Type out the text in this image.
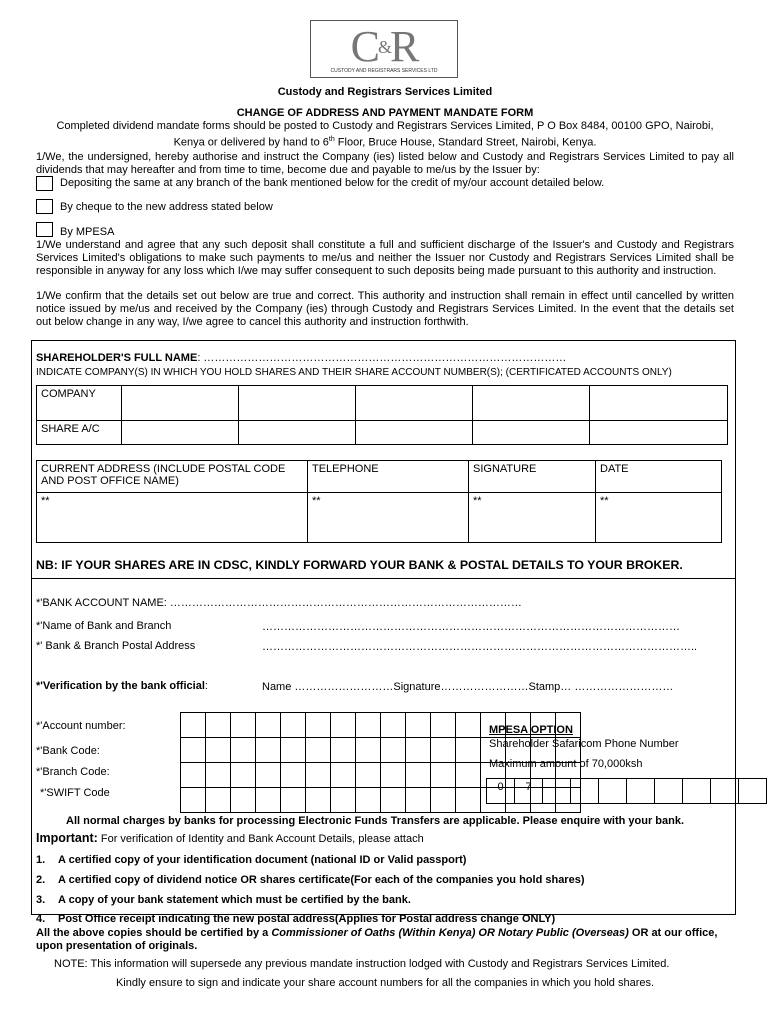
C&R
CUSTODY AND REGISTRARS SERVICES LTD
Custody and Registrars Services Limited
CHANGE OF ADDRESS AND PAYMENT MANDATE FORM
Completed dividend mandate forms should be posted to Custody and Registrars Services Limited, P O Box 8484, 00100 GPO, Nairobi,
Kenya or delivered by hand to 6th Floor, Bruce House, Standard Street, Nairobi, Kenya.
1/We, the undersigned, hereby authorise and instruct the Company (ies) listed below and Custody and Registrars Services Limited to pay all dividends that may hereafter and from time to time, become due and payable to me/us by the Issuer by:
Depositing the same at any branch of the bank mentioned below for the credit of my/our account detailed below.
By cheque to the new address stated below
By MPESA
1/We understand and agree that any such deposit shall constitute a full and sufficient discharge of the Issuer's and Custody and Registrars Services Limited's obligations to make such payments to me/us and neither the Issuer nor Custody and Registrars Services Limited shall be responsible in anyway for any loss which I/we may suffer consequent to such deposits being made pursuant to this authority and instruction.
1/We confirm that the details set out below are true and correct. This authority and instruction shall remain in effect until cancelled by written notice issued by me/us and received by the Company (ies) through Custody and Registrars Services Limited. In the event that the details set out below change in any way, I/we agree to cancel this authority and instruction forthwith.
SHAREHOLDER'S FULL NAME: ………………………………………………………………………………………
INDICATE COMPANY(S) IN WHICH YOU HOLD SHARES AND THEIR SHARE ACCOUNT NUMBER(S); (CERTIFICATED ACCOUNTS ONLY)
COMPANY					
SHARE A/C					
CURRENT ADDRESS (INCLUDE POSTAL CODE AND POST OFFICE NAME)	TELEPHONE	SIGNATURE	DATE
**	**	**	**
NB: IF YOUR SHARES ARE IN CDSC, KINDLY FORWARD YOUR BANK & POSTAL DETAILS TO YOUR BROKER.
*'BANK ACCOUNT NAME: ……………………………………………………………………………………
*'Name of Bank and Branch	……………………………………………………………………………………………………
*' Bank & Branch Postal Address	………………………………………………………………………………………………………..
*'Verification by the bank official:	Name ………………………Signature……………………Stamp… ………………………
*'Account number:
*'Bank Code:
*'Branch Code:
*'SWIFT Code

MPESA OPTION
Shareholder Safaricom Phone Number
Maximum amount of 70,000ksh
0	7								
All normal charges by banks for processing Electronic Funds Transfers are applicable. Please enquire with your bank.
Important: For verification of Identity and Bank Account Details, please attach
1. A certified copy of your identification document (national ID or Valid passport)
2. A certified copy of dividend notice OR shares certificate(For each of the companies you hold shares)
3. A copy of your bank statement which must be certified by the bank.
4. Post Office receipt indicating the new postal address(Applies for Postal address change ONLY)
All the above copies should be certified by a Commissioner of Oaths (Within Kenya) OR Notary Public (Overseas) OR at our office, upon presentation of originals.
NOTE: This information will supersede any previous mandate instruction lodged with Custody and Registrars Services Limited.
Kindly ensure to sign and indicate your share account numbers for all the companies in which you hold shares.
